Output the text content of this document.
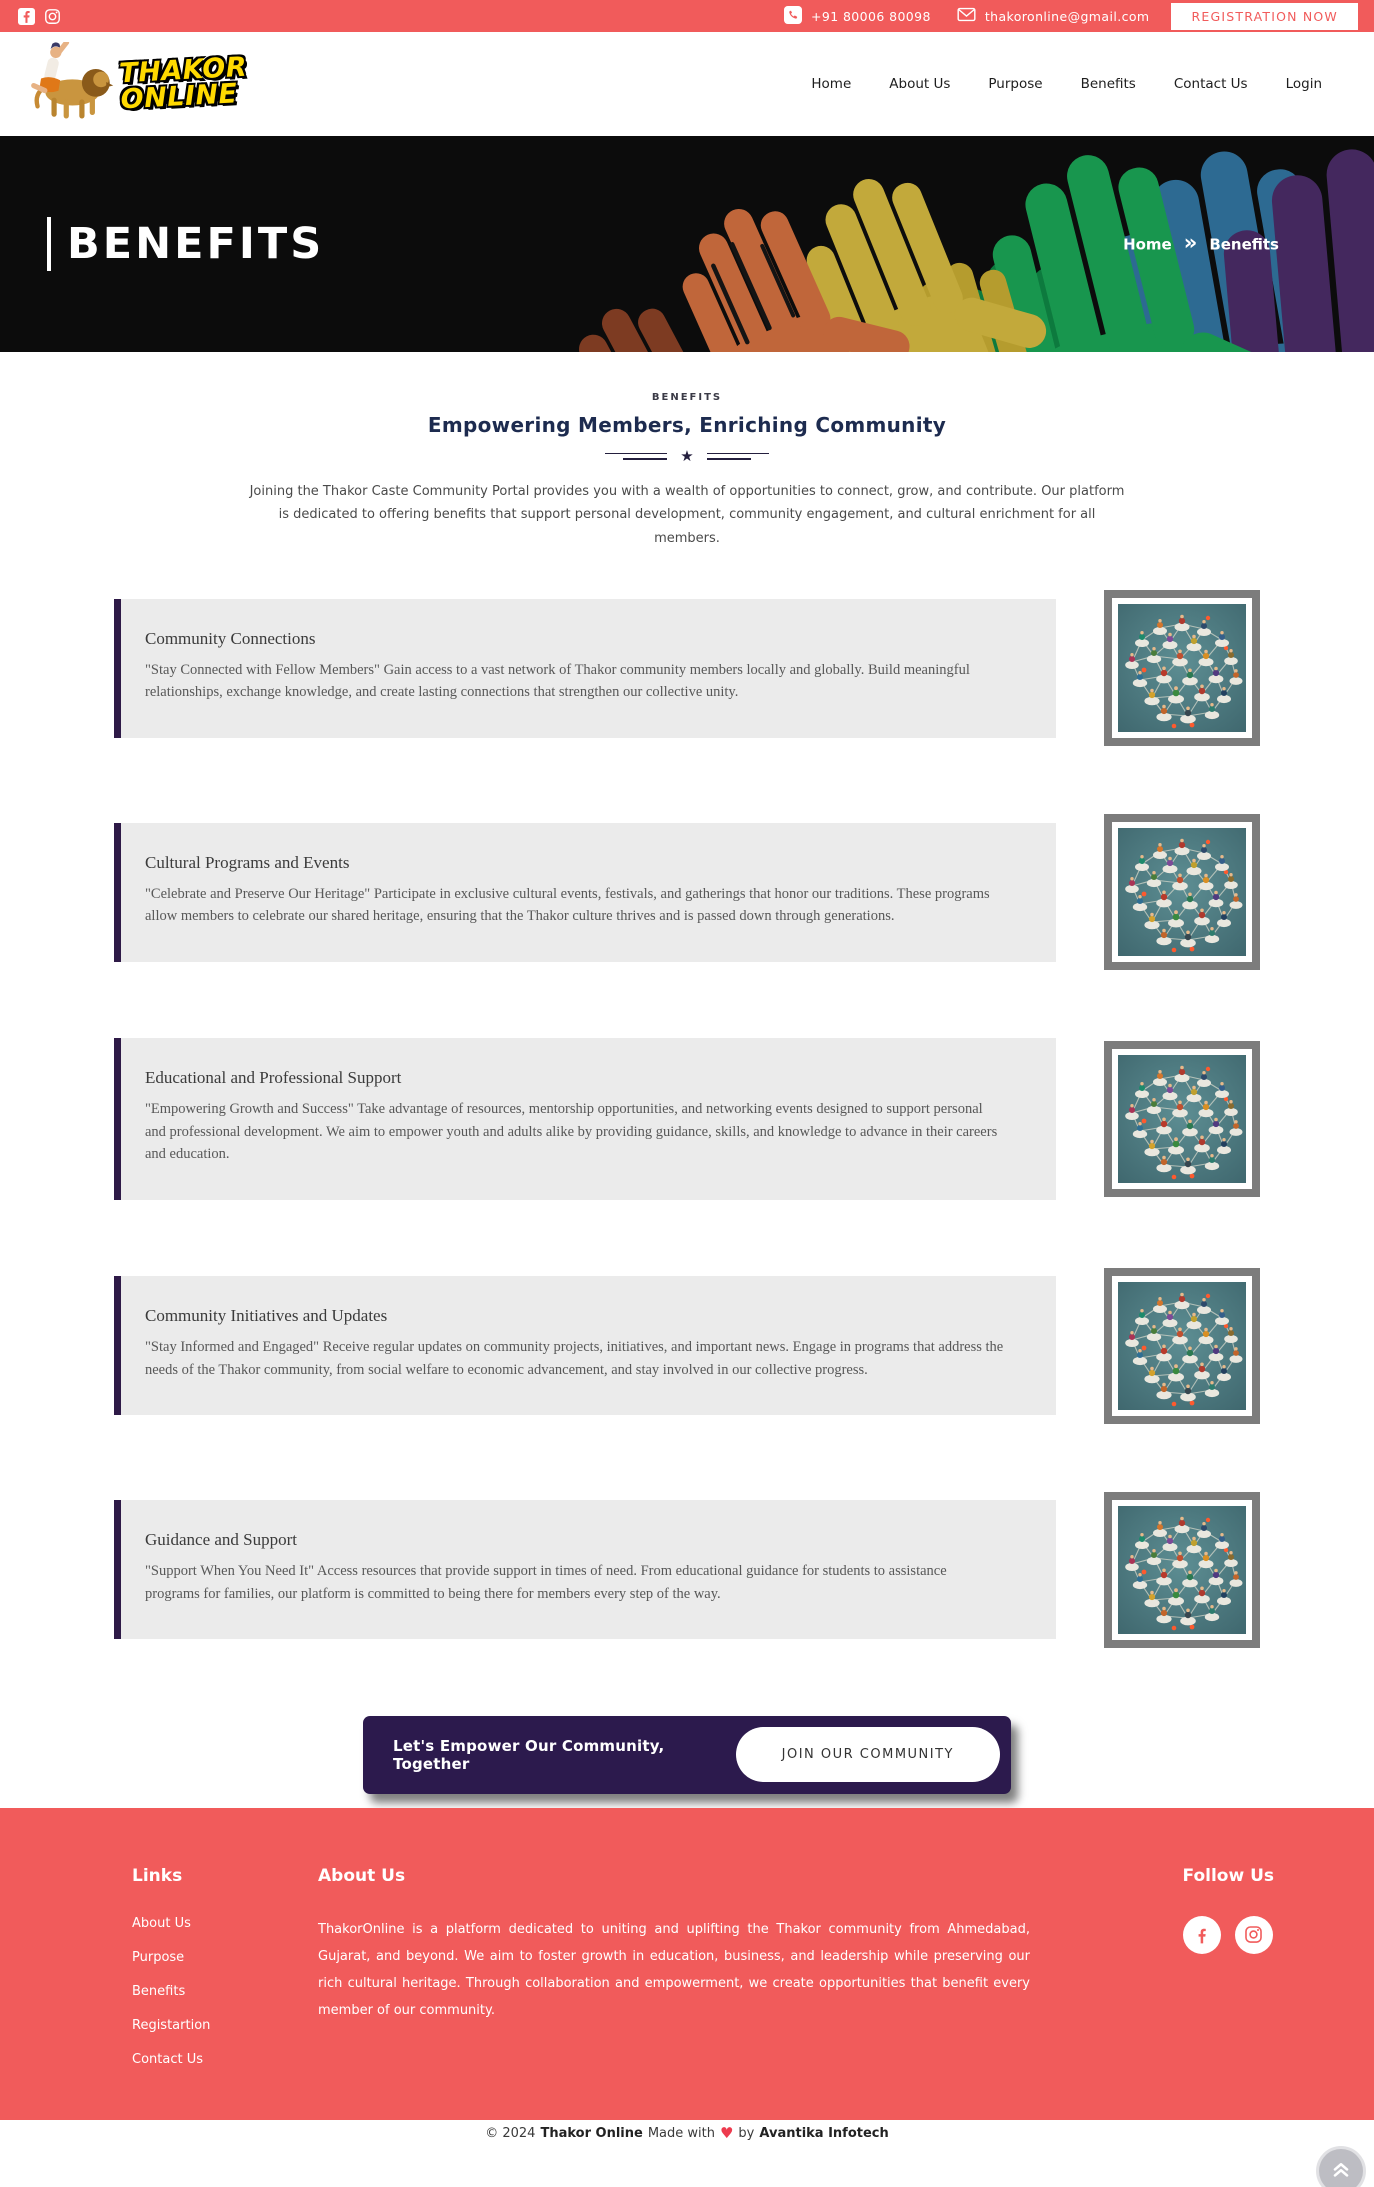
+91 80006 80098	thakoronline@gmail.com	REGISTRATION NOW
THAKOR
ONLINE	Home	About Us	Purpose	Benefits	Contact Us	Login
BENEFITS	Home » Benefits
BENEFITS
Empowering Members, Enriching Community
★

Joining the Thakor Caste Community Portal provides you with a wealth of opportunities to connect, grow, and contribute. Our platform is dedicated to offering benefits that support personal development, community engagement, and cultural enrichment for all members.

Community Connections

"Stay Connected with Fellow Members" Gain access to a vast network of Thakor community members locally and globally. Build meaningful relationships, exchange knowledge, and create lasting connections that strengthen our collective unity.

Cultural Programs and Events

"Celebrate and Preserve Our Heritage" Participate in exclusive cultural events, festivals, and gatherings that honor our traditions. These programs allow members to celebrate our shared heritage, ensuring that the Thakor culture thrives and is passed down through generations.

Educational and Professional Support

"Empowering Growth and Success" Take advantage of resources, mentorship opportunities, and networking events designed to support personal and professional development. We aim to empower youth and adults alike by providing guidance, skills, and knowledge to advance in their careers and education.

Community Initiatives and Updates

"Stay Informed and Engaged" Receive regular updates on community projects, initiatives, and important news. Engage in programs that address the needs of the Thakor community, from social welfare to economic advancement, and stay involved in our collective progress.

Guidance and Support

"Support When You Need It" Access resources that provide support in times of need. From educational guidance for students to assistance programs for families, our platform is committed to being there for members every step of the way.

Let's Empower Our Community, Together	JOIN OUR COMMUNITY
Links
About Us
Purpose
Benefits
Registartion
Contact Us
About Us

ThakorOnline is a platform dedicated to uniting and uplifting the Thakor community from Ahmedabad, Gujarat, and beyond. We aim to foster growth in education, business, and leadership while preserving our rich cultural heritage. Through collaboration and empowerment, we create opportunities that benefit every member of our community.

Follow Us
© 2024 Thakor Online Made with ♥ by Avantika Infotech
